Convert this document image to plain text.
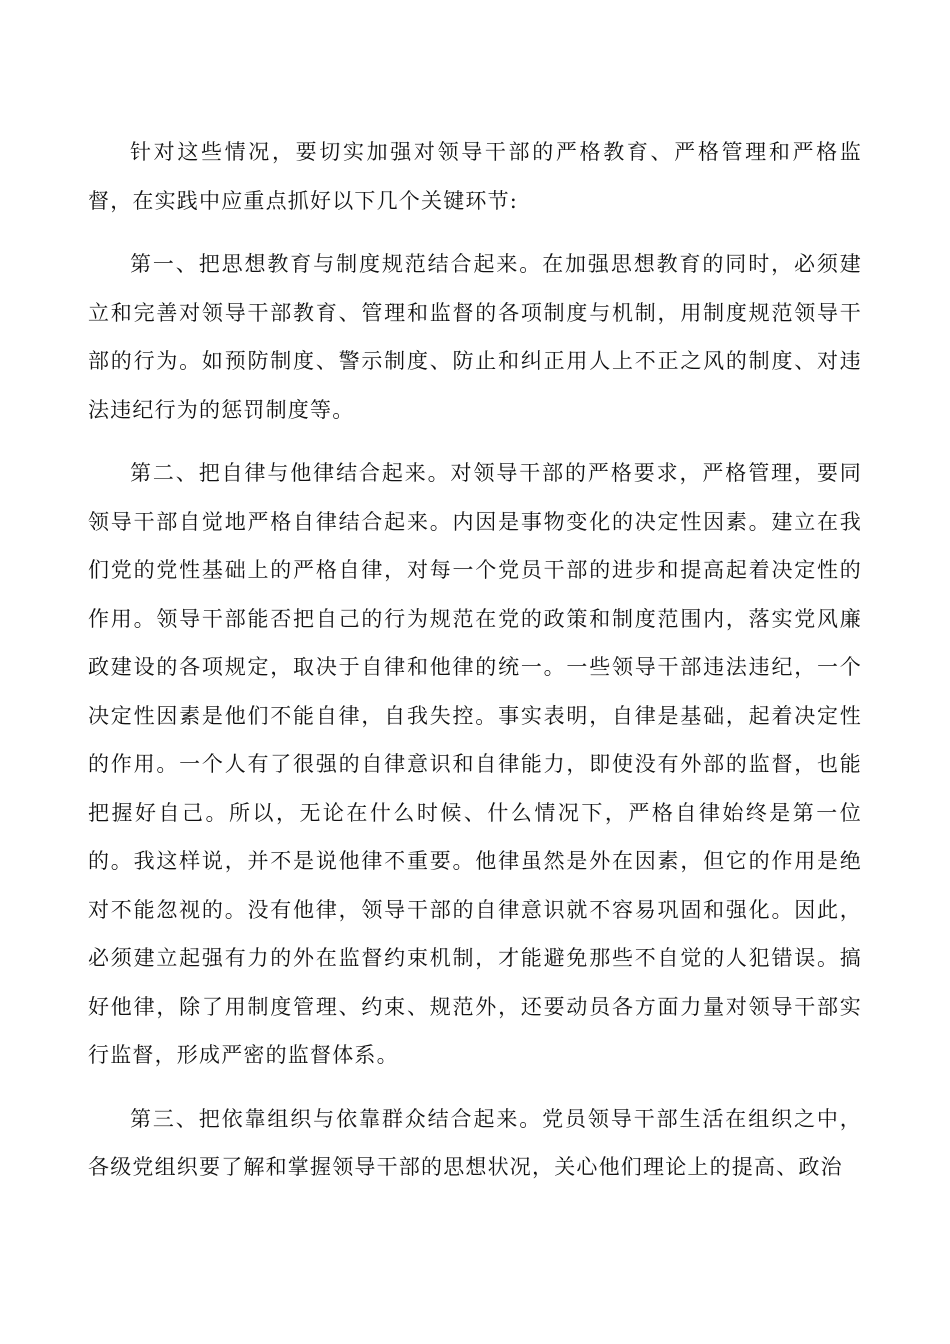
针对这些情况，要切实加强对领导干部的严格教育、严格管理和严格监督，在实践中应重点抓好以下几个关键环节:

第一、把思想教育与制度规范结合起来。在加强思想教育的同时，必须建立和完善对领导干部教育、管理和监督的各项制度与机制，用制度规范领导干部的行为。如预防制度、警示制度、防止和纠正用人上不正之风的制度、对违法违纪行为的惩罚制度等。

第二、把自律与他律结合起来。对领导干部的严格要求，严格管理，要同领导干部自觉地严格自律结合起来。内因是事物变化的决定性因素。建立在我们党的党性基础上的严格自律，对每一个党员干部的进步和提高起着决定性的作用。领导干部能否把自己的行为规范在党的政策和制度范围内，落实党风廉政建设的各项规定，取决于自律和他律的统一。一些领导干部违法违纪，一个决定性因素是他们不能自律，自我失控。事实表明，自律是基础，起着决定性的作用。一个人有了很强的自律意识和自律能力，即使没有外部的监督，也能把握好自己。所以，无论在什么时候、什么情况下，严格自律始终是第一位的。我这样说，并不是说他律不重要。他律虽然是外在因素，但它的作用是绝对不能忽视的。没有他律，领导干部的自律意识就不容易巩固和强化。因此，必须建立起强有力的外在监督约束机制，才能避免那些不自觉的人犯错误。搞好他律，除了用制度管理、约束、规范外，还要动员各方面力量对领导干部实行监督，形成严密的监督体系。

第三、把依靠组织与依靠群众结合起来。党员领导干部生活在组织之中，各级党组织要了解和掌握领导干部的思想状况，关心他们理论上的提高、政治
